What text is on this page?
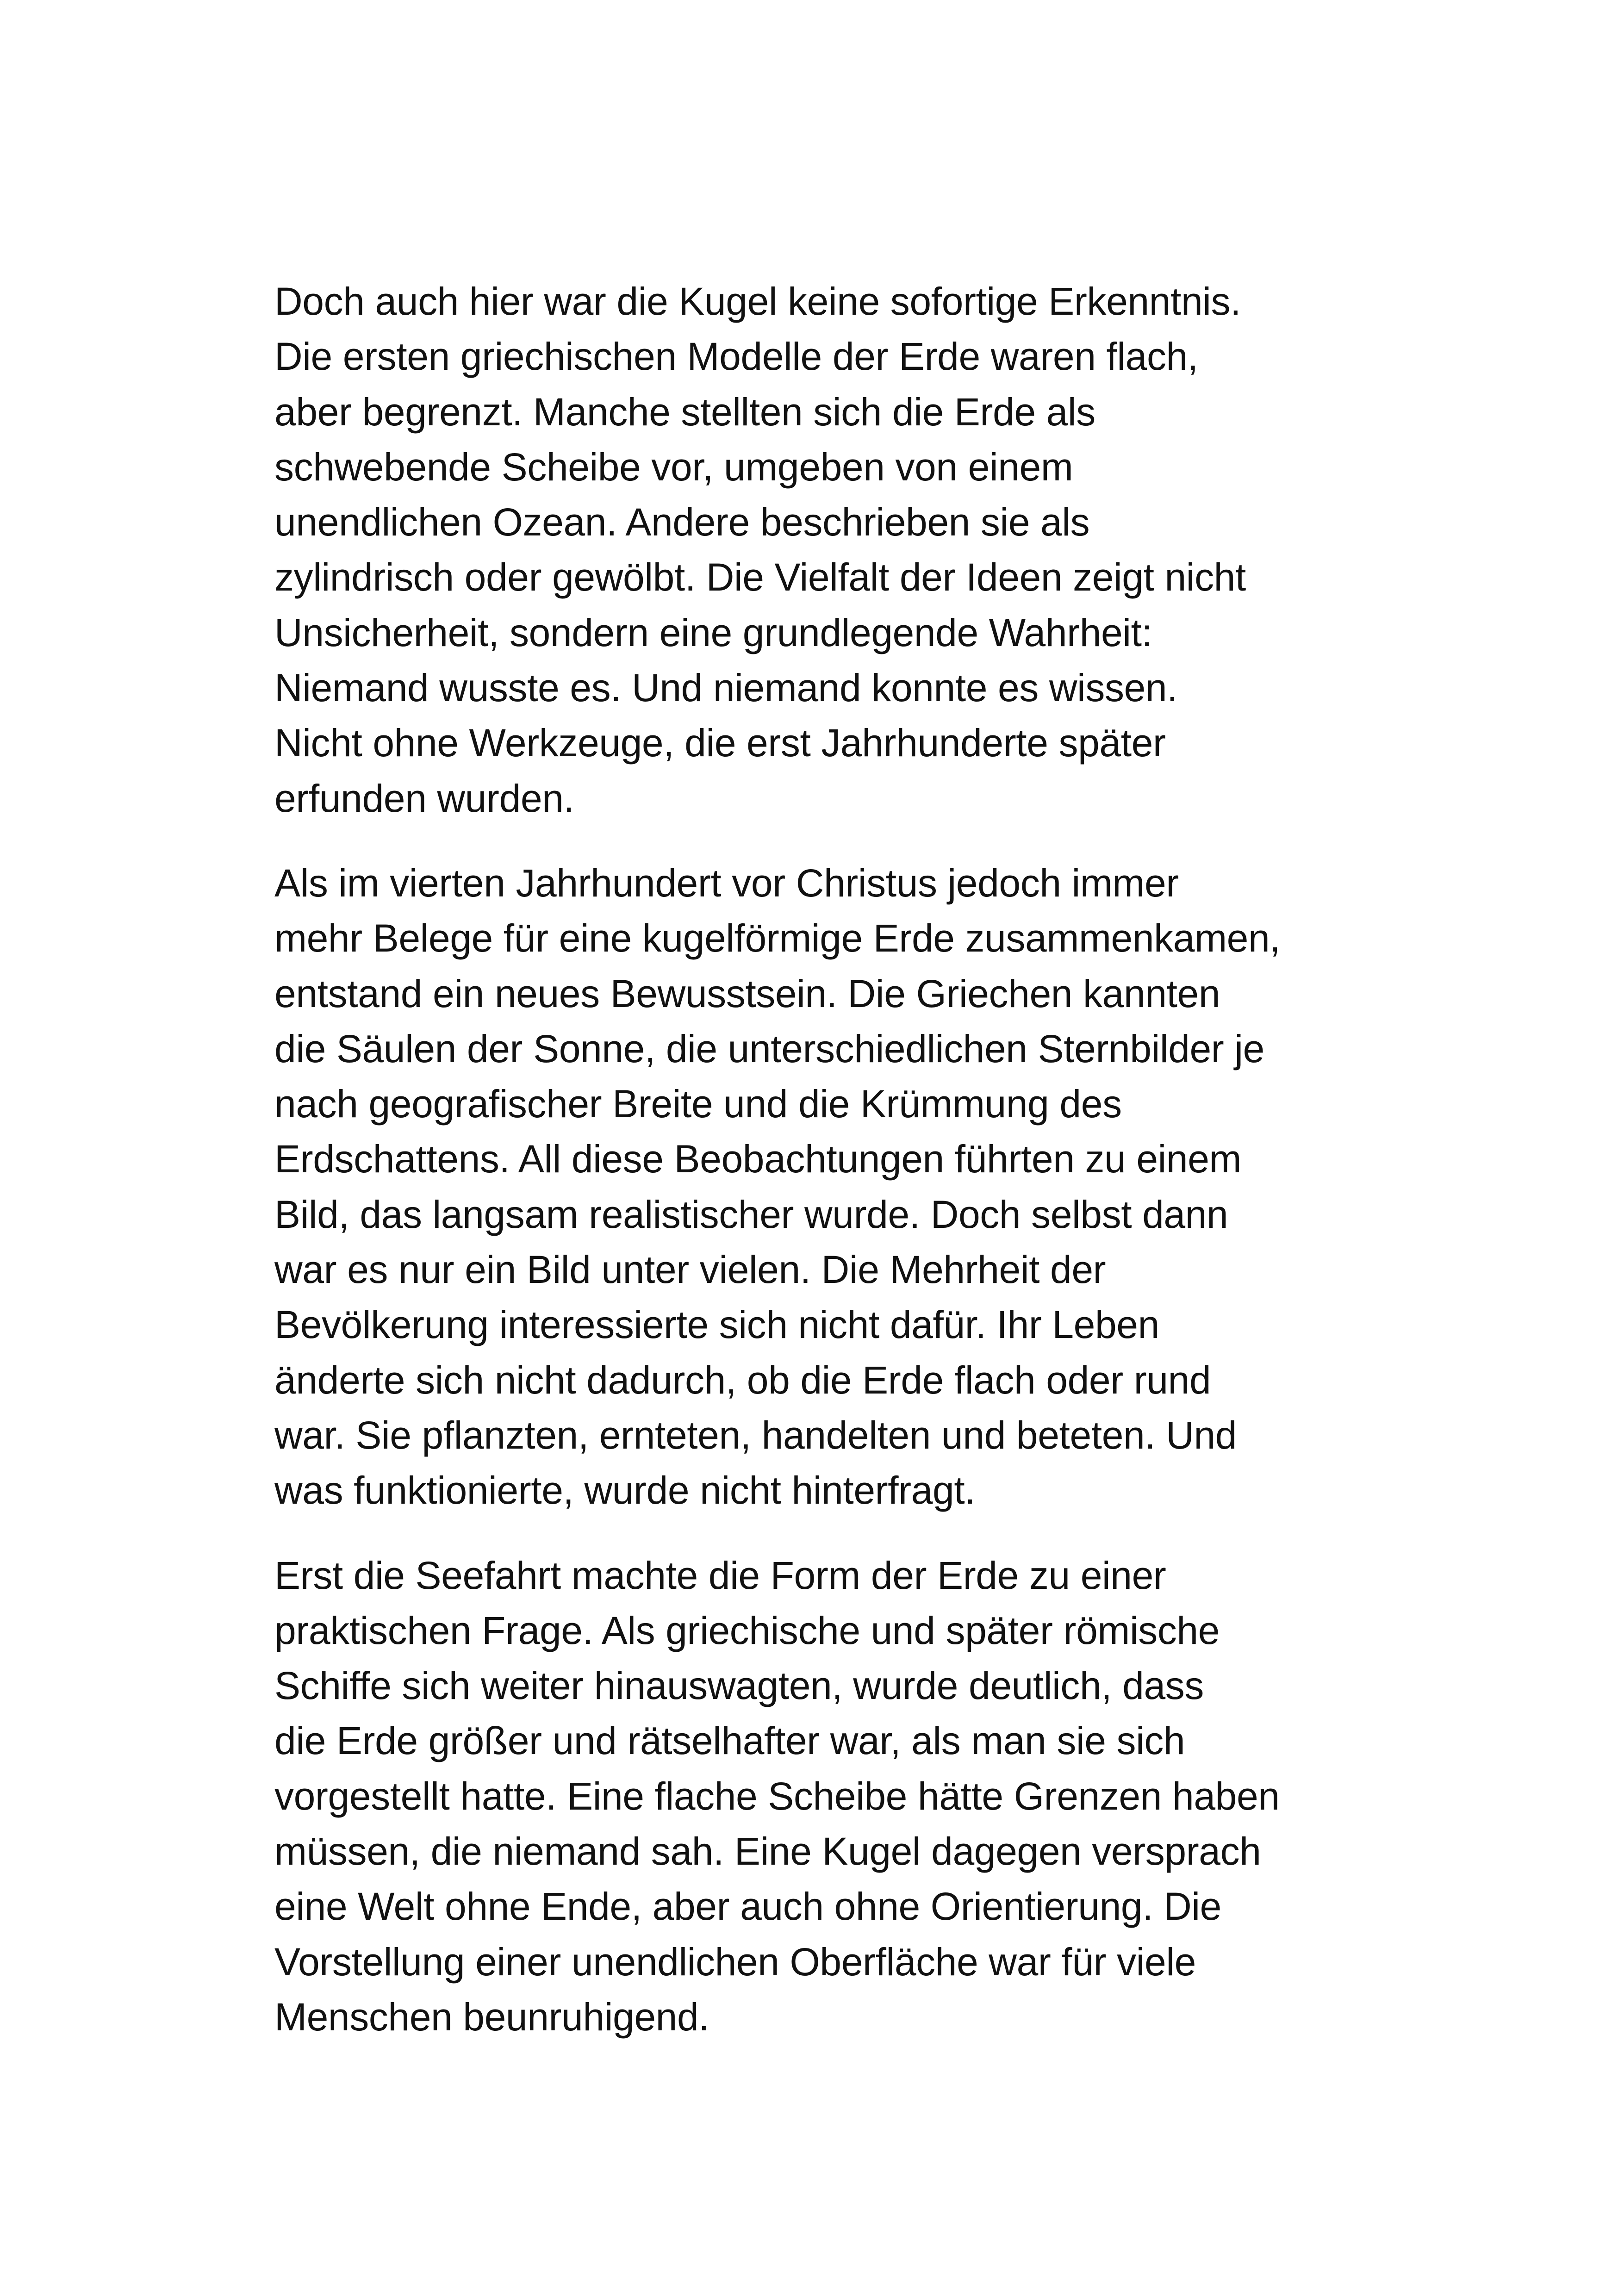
Doch auch hier war die Kugel keine sofortige Erkenntnis.
Die ersten griechischen Modelle der Erde waren flach,
aber begrenzt. Manche stellten sich die Erde als
schwebende Scheibe vor, umgeben von einem
unendlichen Ozean. Andere beschrieben sie als
zylindrisch oder gewölbt. Die Vielfalt der Ideen zeigt nicht
Unsicherheit, sondern eine grundlegende Wahrheit:
Niemand wusste es. Und niemand konnte es wissen.
Nicht ohne Werkzeuge, die erst Jahrhunderte später
erfunden wurden.

Als im vierten Jahrhundert vor Christus jedoch immer
mehr Belege für eine kugelförmige Erde zusammenkamen,
entstand ein neues Bewusstsein. Die Griechen kannten
die Säulen der Sonne, die unterschiedlichen Sternbilder je
nach geografischer Breite und die Krümmung des
Erdschattens. All diese Beobachtungen führten zu einem
Bild, das langsam realistischer wurde. Doch selbst dann
war es nur ein Bild unter vielen. Die Mehrheit der
Bevölkerung interessierte sich nicht dafür. Ihr Leben
änderte sich nicht dadurch, ob die Erde flach oder rund
war. Sie pflanzten, ernteten, handelten und beteten. Und
was funktionierte, wurde nicht hinterfragt.

Erst die Seefahrt machte die Form der Erde zu einer
praktischen Frage. Als griechische und später römische
Schiffe sich weiter hinauswagten, wurde deutlich, dass
die Erde größer und rätselhafter war, als man sie sich
vorgestellt hatte. Eine flache Scheibe hätte Grenzen haben
müssen, die niemand sah. Eine Kugel dagegen versprach
eine Welt ohne Ende, aber auch ohne Orientierung. Die
Vorstellung einer unendlichen Oberfläche war für viele
Menschen beunruhigend.
